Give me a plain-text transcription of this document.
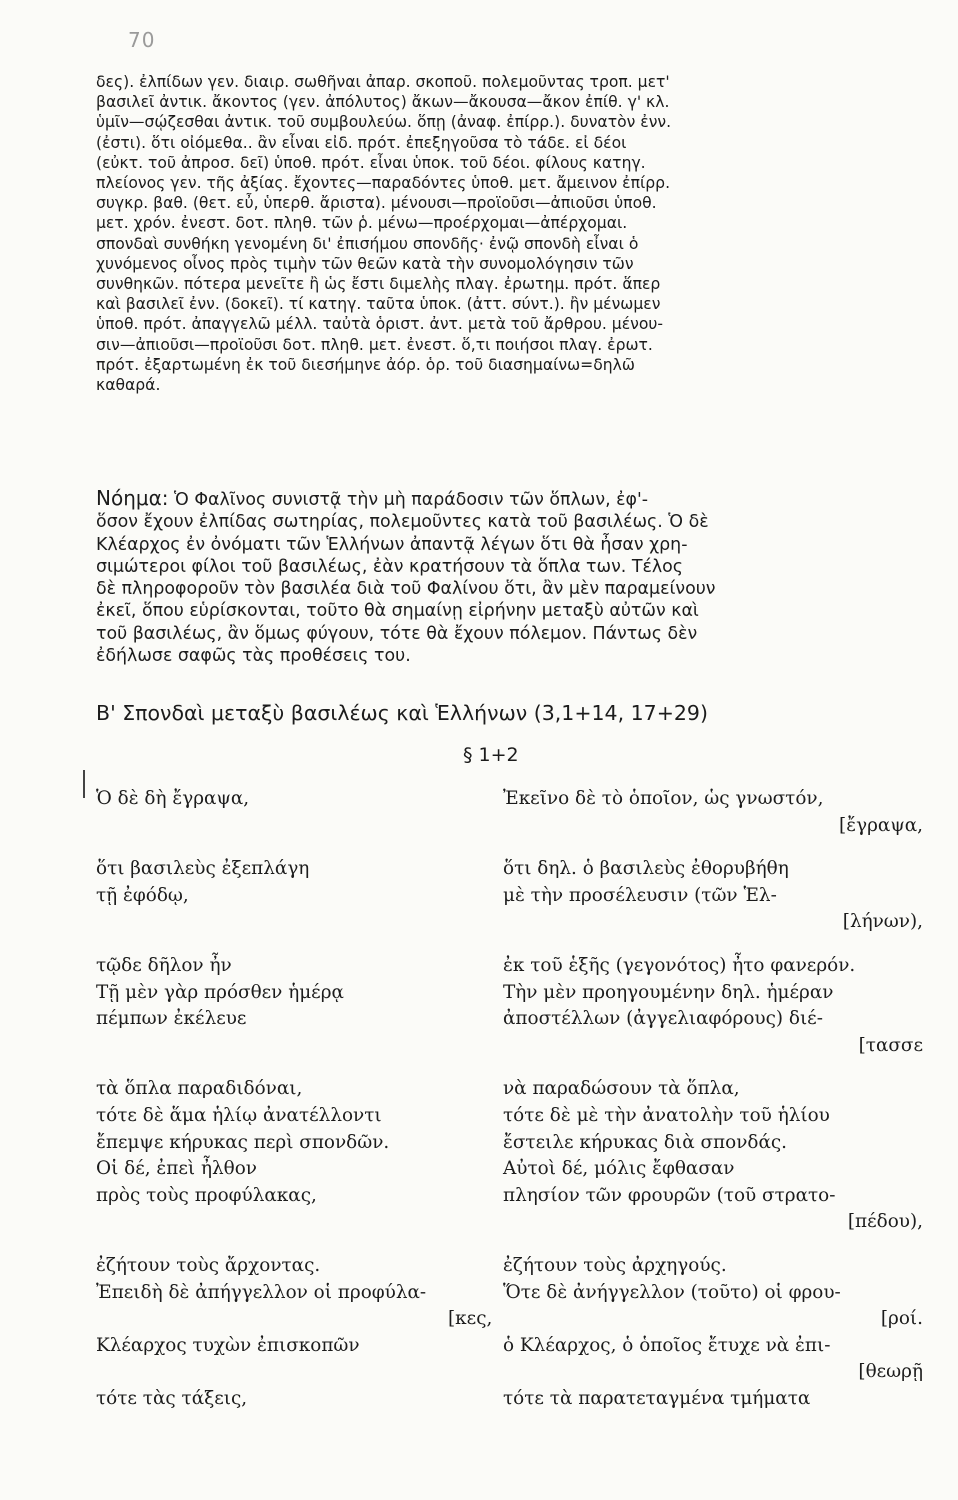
70
δες). ἐλπίδων γεν. διαιρ. σωθῆναι ἀπαρ. σκοποῦ. πολεμοῦντας τροπ. μετ'
βασιλεῖ ἀντικ. ἄκοντος (γεν. ἀπόλυτος) ἄκων—ἄκουσα—ἄκον ἐπίθ. γ' κλ.
ὑμῖν—σῴζεσθαι ἀντικ. τοῦ συμβουλεύω. ὅπῃ (ἀναφ. ἐπίρρ.). δυνατὸν ἐνν.
(ἐστι). ὅτι οἰόμεθα.. ἂν εἶναι εἰδ. πρότ. ἐπεξηγοῦσα τὸ τάδε. εἰ δέοι
(εὐκτ. τοῦ ἀπροσ. δεῖ) ὑποθ. πρότ. εἶναι ὑποκ. τοῦ δέοι. φίλους κατηγ.
πλείονος γεν. τῆς ἀξίας. ἔχοντες—παραδόντες ὑποθ. μετ. ἄμεινον ἐπίρρ.
συγκρ. βαθ. (θετ. εὖ, ὑπερθ. ἄριστα). μένουσι—προϊοῦσι—ἀπιοῦσι ὑποθ.
μετ. χρόν. ἐνεστ. δοτ. πληθ. τῶν ῥ. μένω—προέρχομαι—ἀπέρχομαι.
σπονδαὶ συνθήκη γενομένη δι' ἐπισήμου σπονδῆς· ἐνῷ σπονδὴ εἶναι ὁ
χυνόμενος οἶνος πρὸς τιμὴν τῶν θεῶν κατὰ τὴν συνομολόγησιν τῶν
συνθηκῶν. πότερα μενεῖτε ἢ ὡς ἔστι διμελὴς πλαγ. ἐρωτημ. πρότ. ἅπερ
καὶ βασιλεῖ ἐνν. (δοκεῖ). τί κατηγ. ταῦτα ὑποκ. (ἀττ. σύντ.). ἢν μένωμεν
ὑποθ. πρότ. ἀπαγγελῶ μέλλ. ταὐτὰ ὁριστ. ἀντ. μετὰ τοῦ ἄρθρου. μένου-
σιν—ἀπιοῦσι—προϊοῦσι δοτ. πληθ. μετ. ἐνεστ. ὅ,τι ποιήσοι πλαγ. ἐρωτ.
πρότ. ἐξαρτωμένη ἐκ τοῦ διεσήμηνε ἀόρ. ὁρ. τοῦ διασημαίνω=δηλῶ
καθαρά.
Νόημα: Ὁ Φαλῖνος συνιστᾷ τὴν μὴ παράδοσιν τῶν ὅπλων, ἐφ'-
ὅσον ἔχουν ἐλπίδας σωτηρίας, πολεμοῦντες κατὰ τοῦ βασιλέως. Ὁ δὲ
Κλέαρχος ἐν ὀνόματι τῶν Ἑλλήνων ἀπαντᾷ λέγων ὅτι θὰ ἦσαν χρη-
σιμώτεροι φίλοι τοῦ βασιλέως, ἐὰν κρατήσουν τὰ ὅπλα των. Τέλος
δὲ πληροφοροῦν τὸν βασιλέα διὰ τοῦ Φαλίνου ὅτι, ἂν μὲν παραμείνουν
ἐκεῖ, ὅπου εὑρίσκονται, τοῦτο θὰ σημαίνῃ εἰρήνην μεταξὺ αὐτῶν καὶ
τοῦ βασιλέως, ἂν ὅμως φύγουν, τότε θὰ ἔχουν πόλεμον. Πάντως δὲν
ἐδήλωσε σαφῶς τὰς προθέσεις του.
Β' Σπονδαὶ μεταξὺ βασιλέως καὶ Ἑλλήνων (3,1+14, 17+29)
§ 1+2
Ὁ δὲ δὴ ἔγραψα,
ὅτι βασιλεὺς ἐξεπλάγη
τῇ ἐφόδῳ,
τῷδε δῆλον ἦν
Τῇ μὲν γὰρ πρόσθεν ἡμέρᾳ
πέμπων ἐκέλευε
τὰ ὅπλα παραδιδόναι,
τότε δὲ ἅμα ἡλίῳ ἀνατέλλοντι
ἔπεμψε κήρυκας περὶ σπονδῶν.
Οἱ δέ, ἐπεὶ ἦλθον
πρὸς τοὺς προφύλακας,
ἐζήτουν τοὺς ἄρχοντας.
Ἐπειδὴ δὲ ἀπήγγελλον οἱ προφύλα-
[κες,
Κλέαρχος τυχὼν ἐπισκοπῶν
τότε τὰς τάξεις,
Ἐκεῖνο δὲ τὸ ὁποῖον, ὡς γνωστόν,
[ἔγραψα,
ὅτι δηλ. ὁ βασιλεὺς ἐθορυβήθη
μὲ τὴν προσέλευσιν (τῶν Ἑλ-
[λήνων),
ἐκ τοῦ ἑξῆς (γεγονότος) ἦτο φανερόν.
Τὴν μὲν προηγουμένην δηλ. ἡμέραν
ἀποστέλλων (ἀγγελιαφόρους) διέ-
[τασσε
νὰ παραδώσουν τὰ ὅπλα,
τότε δὲ μὲ τὴν ἀνατολὴν τοῦ ἡλίου
ἔστειλε κήρυκας διὰ σπονδάς.
Αὐτοὶ δέ, μόλις ἔφθασαν
πλησίον τῶν φρουρῶν (τοῦ στρατο-
[πέδου),
ἐζήτουν τοὺς ἀρχηγούς.
Ὅτε δὲ ἀνήγγελλον (τοῦτο) οἱ φρου-
[ροί.
ὁ Κλέαρχος, ὁ ὁποῖος ἔτυχε νὰ ἐπι-
[θεωρῇ
τότε τὰ παρατεταγμένα τμήματα
